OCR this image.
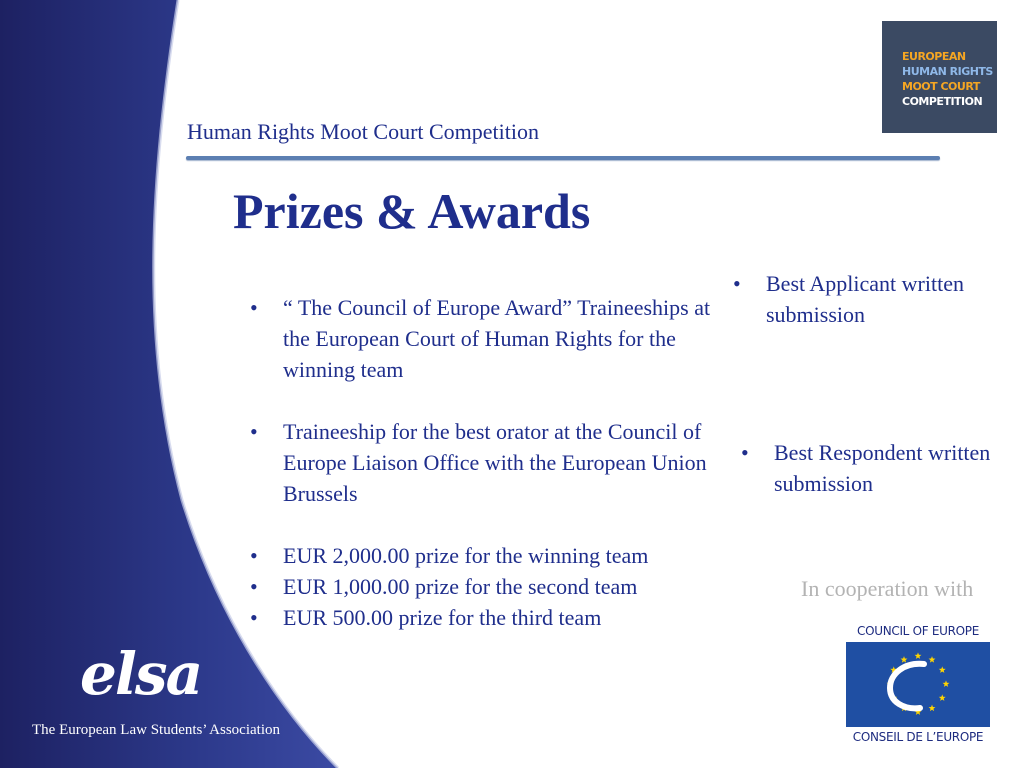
elsa
The European Law Students’ Association
EUROPEAN
HUMAN RIGHTS
MOOT COURT
COMPETITION
Human Rights Moot Court Competition
Prizes & Awards
• “ The Council of Europe Award” Traineeships at the European Court of Human Rights for the winning team
• Traineeship for the best orator at the Council of Europe Liaison Office with the European Union Brussels
• EUR 2,000.00 prize for the winning team
• EUR 1,000.00 prize for the second team
• EUR 500.00 prize for the third team
• Best Applicant written submission
• Best Respondent written submission
In cooperation with
COUNCIL OF EUROPE
CONSEIL DE L’EUROPE
